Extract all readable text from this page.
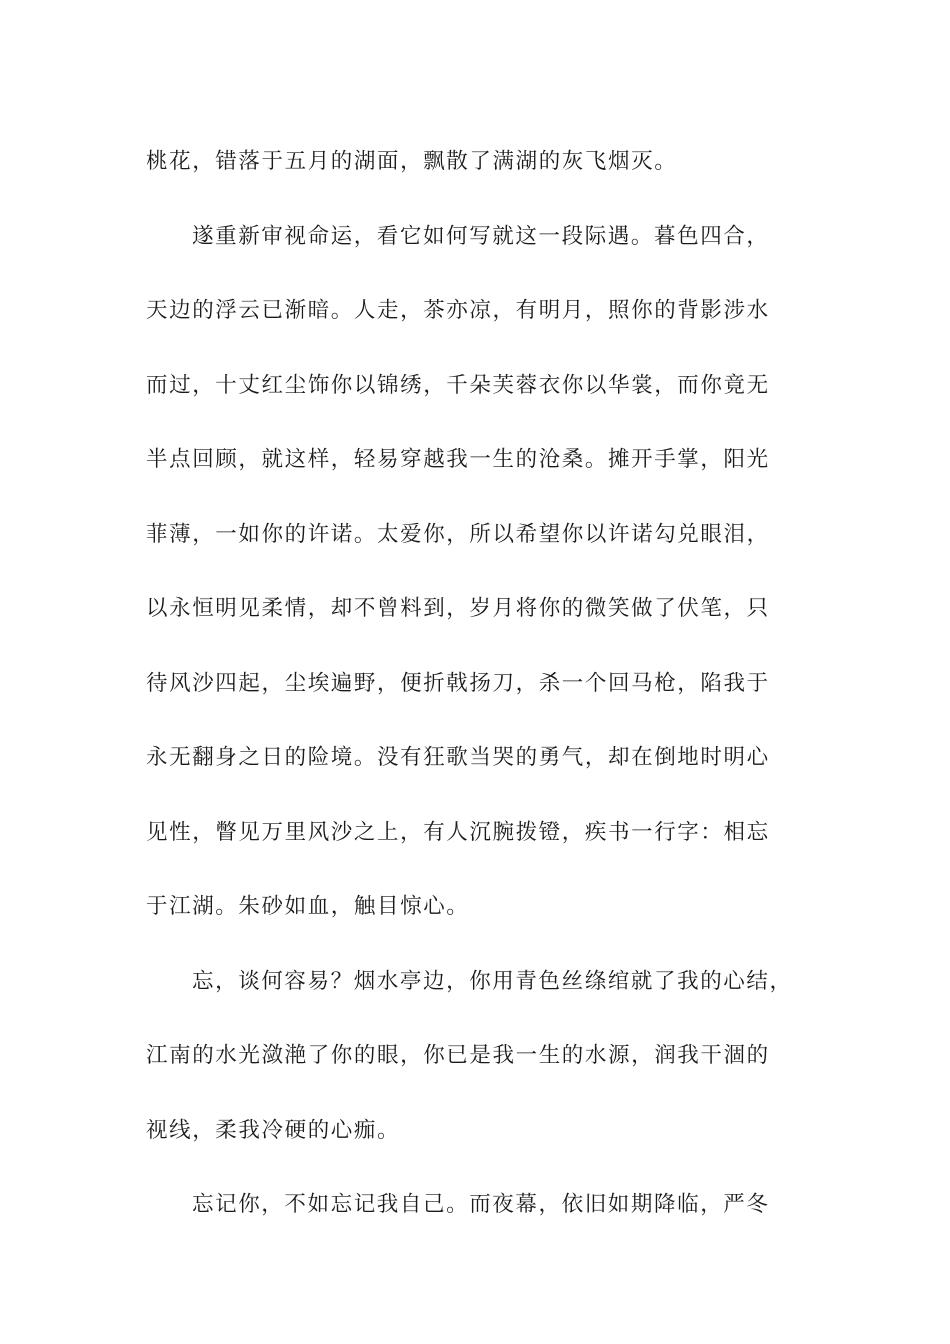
桃花，错落于五月的湖面，飘散了满湖的灰飞烟灭。
遂重新审视命运，看它如何写就这一段际遇。暮色四合，
天边的浮云已渐暗。人走，茶亦凉，有明月，照你的背影涉水
而过，十丈红尘饰你以锦绣，千朵芙蓉衣你以华裳，而你竟无
半点回顾，就这样，轻易穿越我一生的沧桑。摊开手掌，阳光
菲薄，一如你的许诺。太爱你，所以希望你以许诺勾兑眼泪，
以永恒明见柔情，却不曾料到，岁月将你的微笑做了伏笔，只
待风沙四起，尘埃遍野，便折戟扬刀，杀一个回马枪，陷我于
永无翻身之日的险境。没有狂歌当哭的勇气，却在倒地时明心
见性，瞥见万里风沙之上，有人沉腕拨镫，疾书一行字：相忘
于江湖。朱砂如血，触目惊心。
忘，谈何容易？烟水亭边，你用青色丝绦绾就了我的心结，
江南的水光潋滟了你的眼，你已是我一生的水源，润我干涸的
视线，柔我冷硬的心痂。
忘记你，不如忘记我自己。而夜幕，依旧如期降临，严冬
